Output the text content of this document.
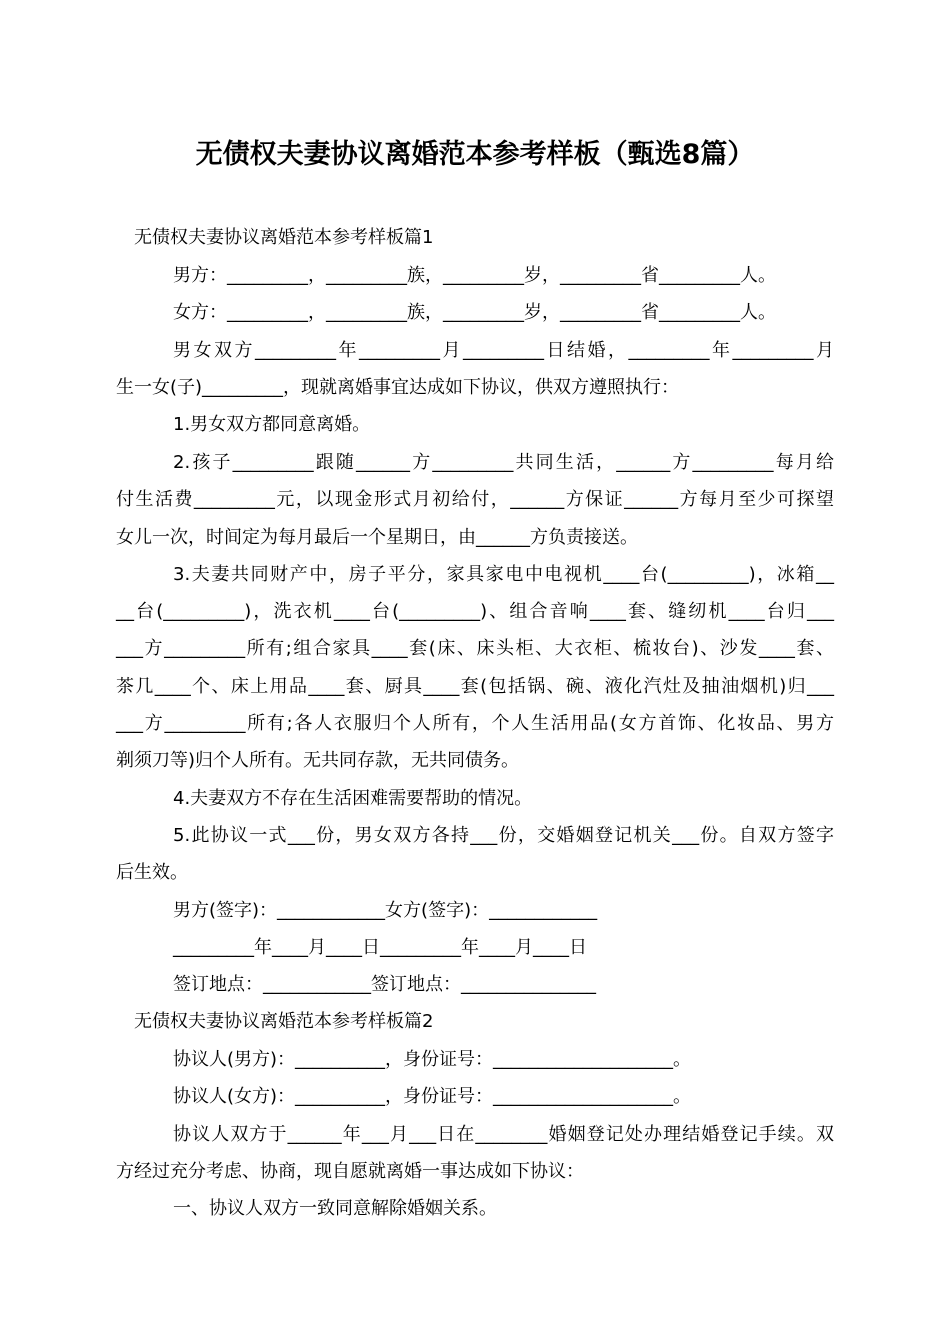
无债权夫妻协议离婚范本参考样板（甄选8篇）
无债权夫妻协议离婚范本参考样板篇1
男方：_________，_________族，_________岁，_________省_________人。
女方：_________，_________族，_________岁，_________省_________人。
男女双方_________年_________月_________日结婚，_________年_________月
生一女(子)_________，现就离婚事宜达成如下协议，供双方遵照执行：
1.男女双方都同意离婚。
2.孩子_________跟随______方_________共同生活，______方_________每月给
付生活费_________元，以现金形式月初给付，______方保证______方每月至少可探望
女儿一次，时间定为每月最后一个星期日，由______方负责接送。
3.夫妻共同财产中，房子平分，家具家电中电视机____台(_________)，冰箱__
__台(_________)，洗衣机____台(_________)、组合音响____套、缝纫机____台归___
___方_________所有;组合家具____套(床、床头柜、大衣柜、梳妆台)、沙发____套、
茶几____个、床上用品____套、厨具____套(包括锅、碗、液化汽灶及抽油烟机)归___
___方_________所有;各人衣服归个人所有，个人生活用品(女方首饰、化妆品、男方
剃须刀等)归个人所有。无共同存款，无共同债务。
4.夫妻双方不存在生活困难需要帮助的情况。
5.此协议一式___份，男女双方各持___份，交婚姻登记机关___份。自双方签字
后生效。
男方(签字)：____________女方(签字)：____________
_________年____月____日_________年____月____日
签订地点：____________签订地点：_______________
无债权夫妻协议离婚范本参考样板篇2
协议人(男方)：__________，身份证号：____________________。
协议人(女方)：__________，身份证号：____________________。
协议人双方于______年___月___日在________婚姻登记处办理结婚登记手续。双
方经过充分考虑、协商，现自愿就离婚一事达成如下协议：
一、协议人双方一致同意解除婚姻关系。
